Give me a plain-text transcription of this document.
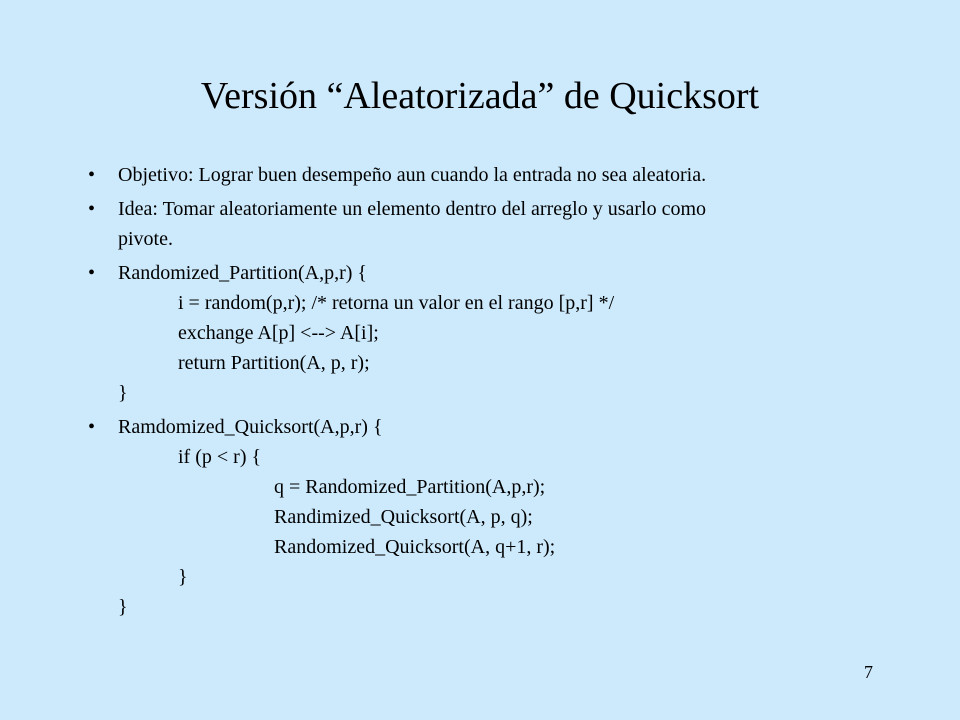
Versión “Aleatorizada” de Quicksort
•	Objetivo: Lograr buen desempeño aun cuando la entrada no sea aleatoria.
•	Idea: Tomar aleatoriamente un elemento dentro del arreglo y usarlo como
pivote.
•	Randomized_Partition(A,p,r) {
i = random(p,r); /* retorna un valor en el rango [p,r] */
exchange A[p] <--> A[i];
return Partition(A, p, r);
}
•	Ramdomized_Quicksort(A,p,r) {
if (p < r) {
q = Randomized_Partition(A,p,r);
Randimized_Quicksort(A, p, q);
Randomized_Quicksort(A, q+1, r);
}
}
7
